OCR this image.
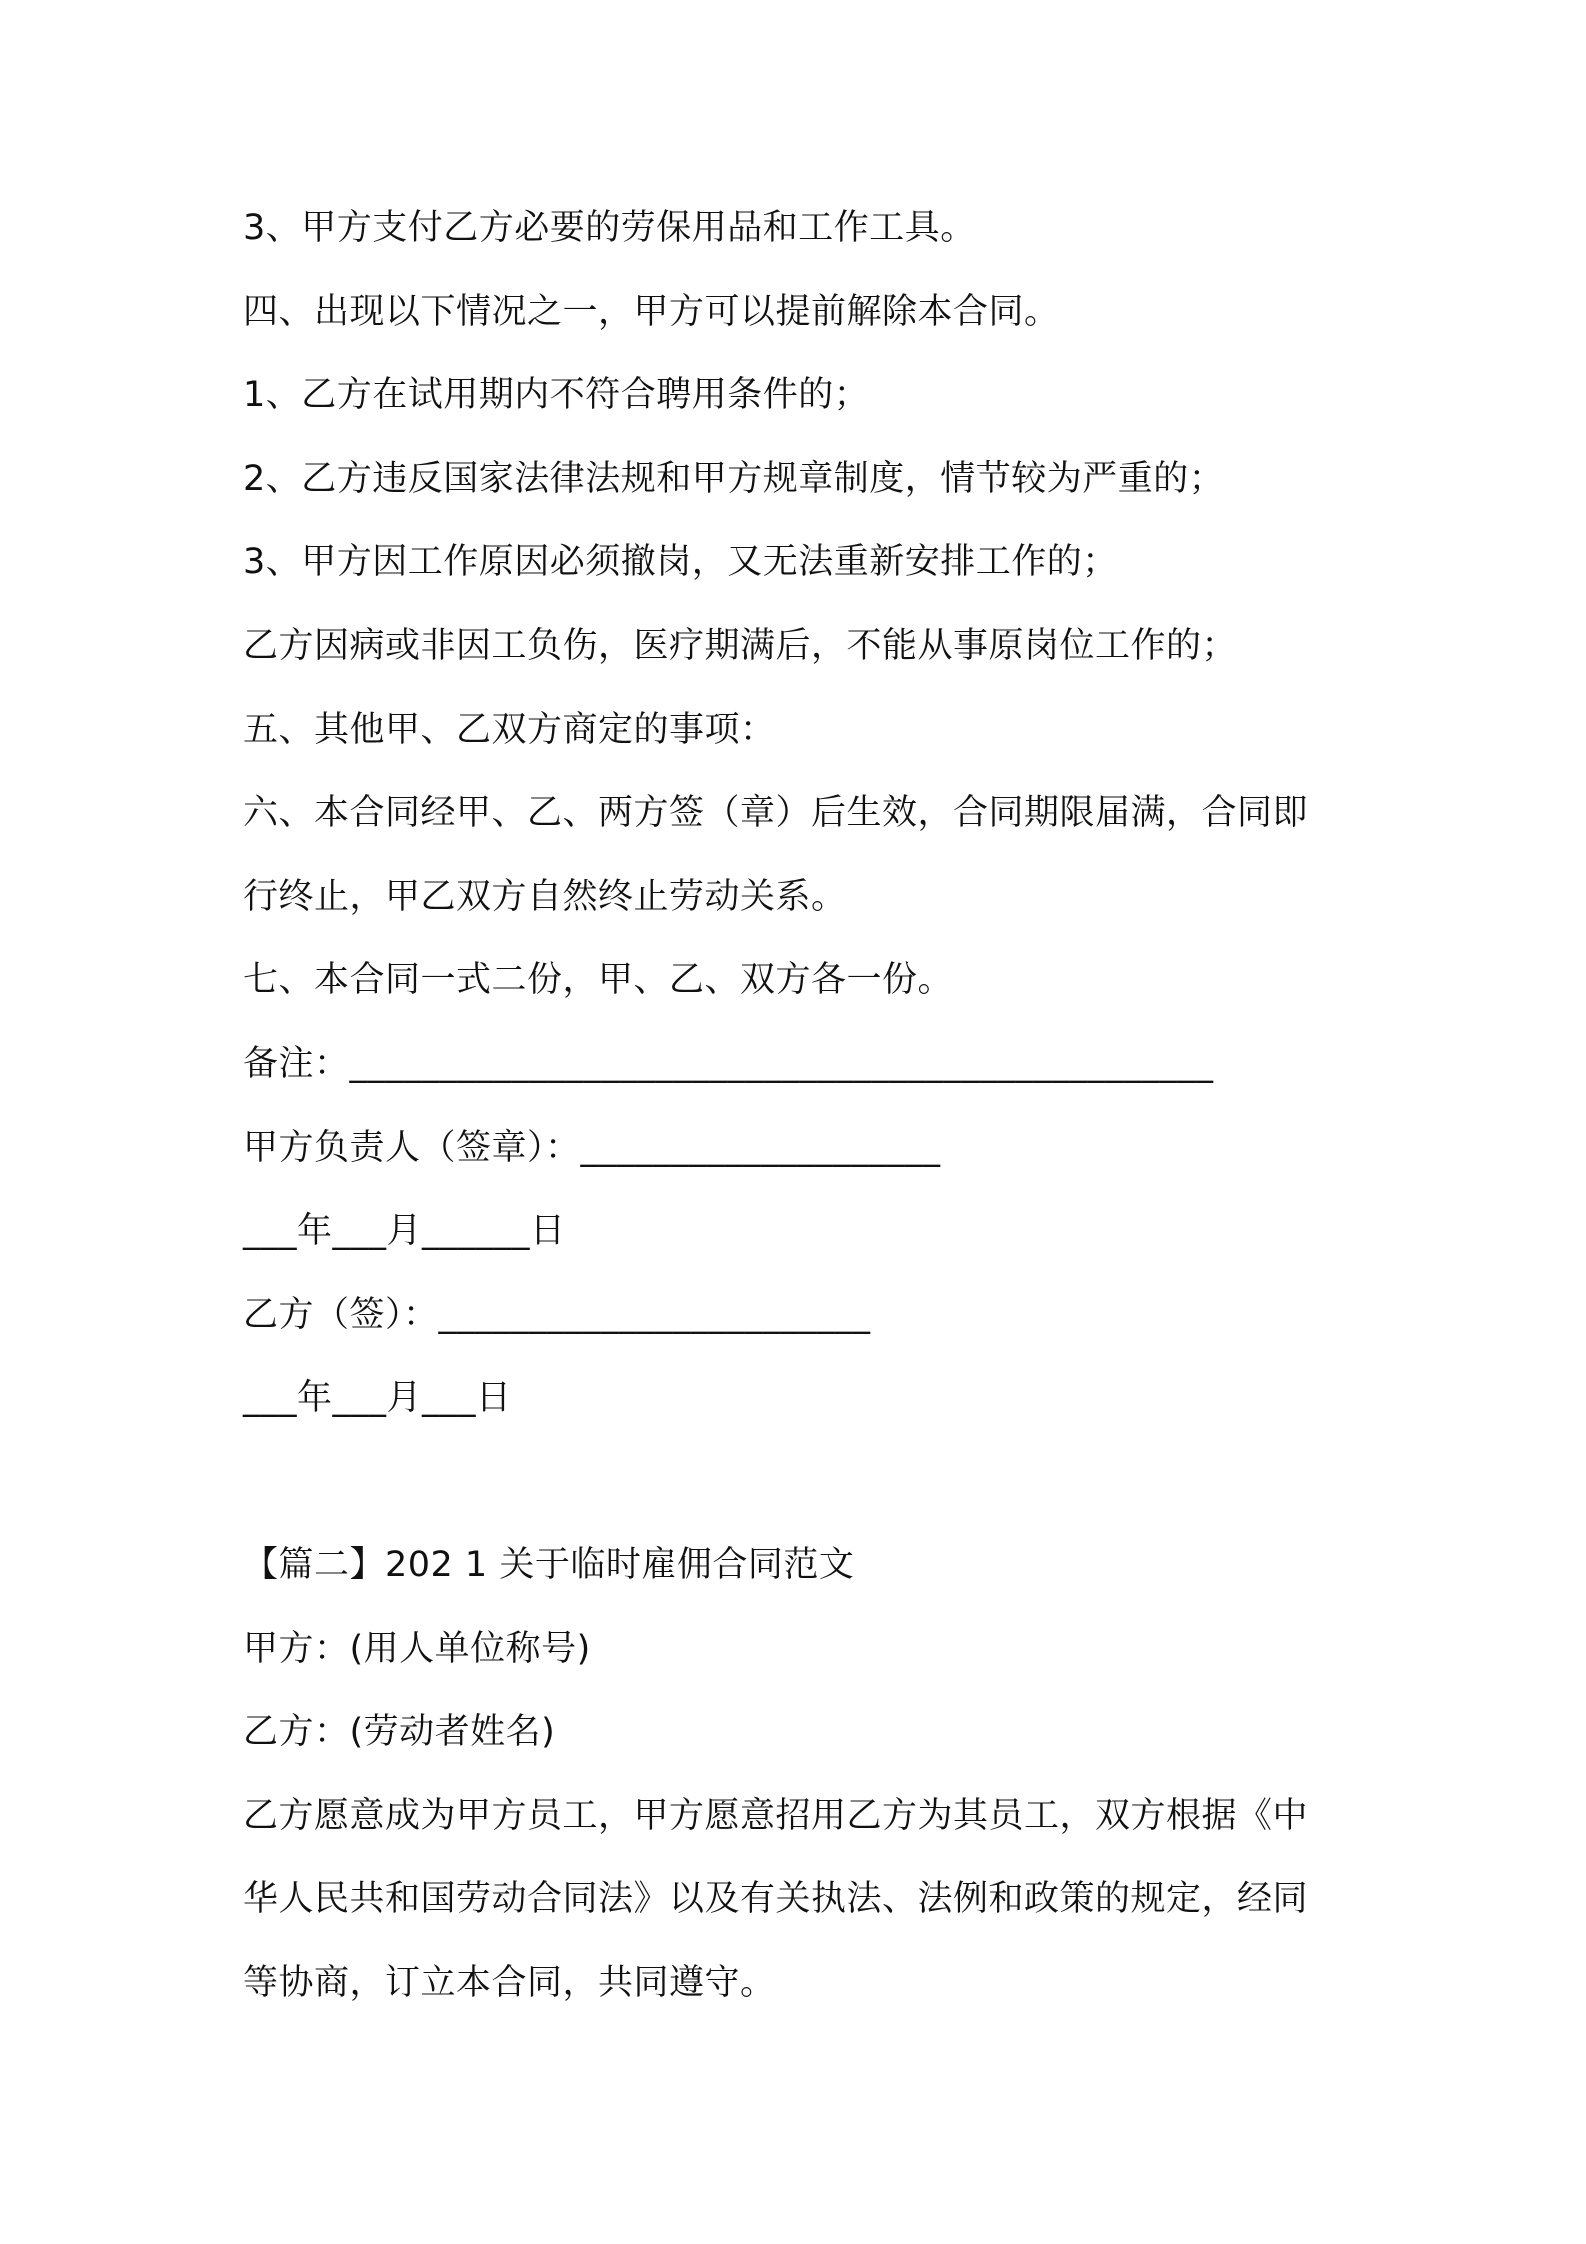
3、甲方支付乙方必要的劳保用品和工作工具。
四、出现以下情况之一，甲方可以提前解除本合同。
1、乙方在试用期内不符合聘用条件的；
2、乙方违反国家法律法规和甲方规章制度，情节较为严重的；
3、甲方因工作原因必须撤岗，又无法重新安排工作的；
乙方因病或非因工负伤，医疗期满后，不能从事原岗位工作的；
五、其他甲、乙双方商定的事项：
六、本合同经甲、乙、两方签（章）后生效，合同期限届满，合同即
行终止，甲乙双方自然终止劳动关系。
七、本合同一式二份，甲、乙、双方各一份。
备注：________________________________________________
甲方负责人（签章）：____________________
___年___月______日
乙方（签）：________________________
___年___月___日
【篇二】202 1 关于临时雇佣合同范文
甲方：(用人单位称号)
乙方：(劳动者姓名)
乙方愿意成为甲方员工，甲方愿意招用乙方为其员工，双方根据《中
华人民共和国劳动合同法》以及有关执法、法例和政策的规定，经同
等协商，订立本合同，共同遵守。
